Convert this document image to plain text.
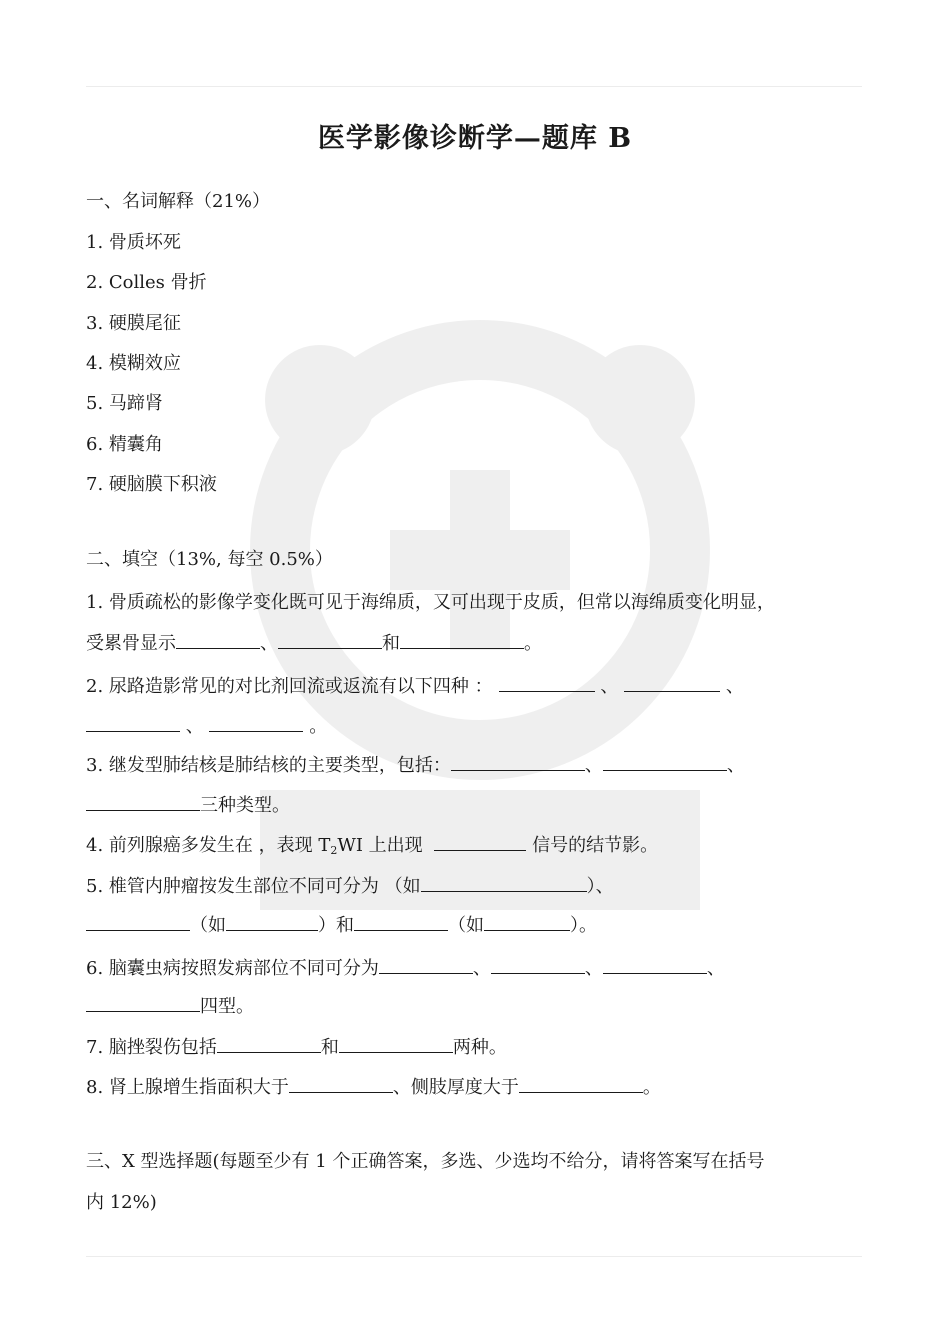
医学影像诊断学—题库 B
一、名词解释（21%）
1. 骨质坏死
2. Colles 骨折
3. 硬膜尾征
4. 模糊效应
5. 马蹄肾
6. 精囊角
7. 硬脑膜下积液
二、填空（13%, 每空 0.5%）
1. 骨质疏松的影像学变化既可见于海绵质，又可出现于皮质，但常以海绵质变化明显，
受累骨显示	、	和	。
2. 尿路造影常见的对比剂回流或返流有以下四种 ：	、	、
、	。
3. 继发型肺结核是肺结核的主要类型，包括：	、	、
三种类型。
4. 前列腺癌多发生在 ，表现 $T_2WI$ 上出现	信号的结节影。
5. 椎管内肿瘤按发生部位不同可分为 （如	）、
（如	）和	（如	）。
6. 脑囊虫病按照发病部位不同可分为	、	、	、
四型。
7. 脑挫裂伤包括	和	两种。
8. 肾上腺增生指面积大于	、侧肢厚度大于	。
三、X 型选择题(每题至少有 1 个正确答案，多选、少选均不给分，请将答案写在括号
内 12%)
